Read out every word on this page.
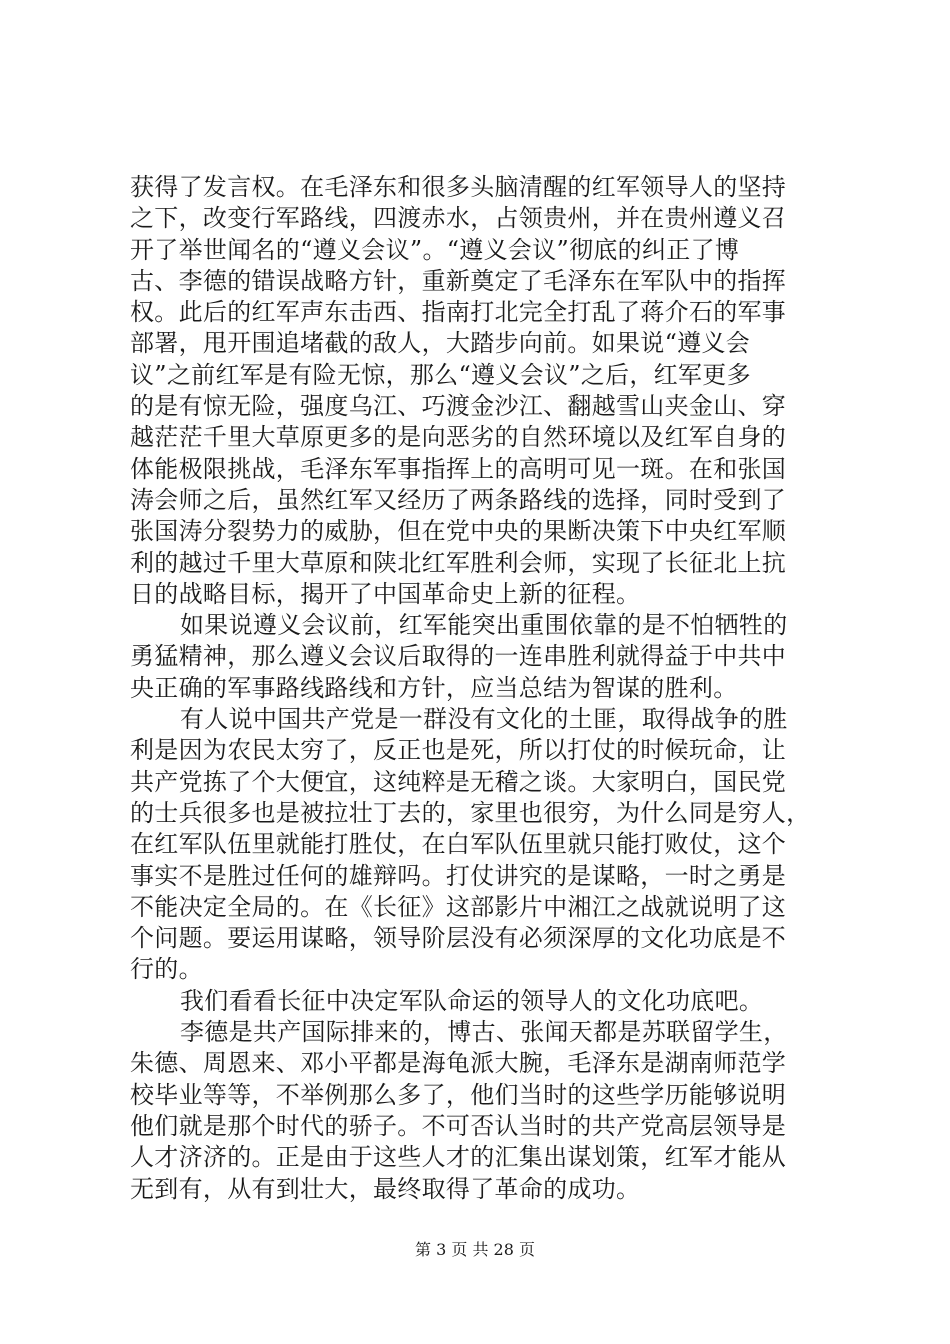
获得了发言权。在毛泽东和很多头脑清醒的红军领导人的坚持
之下，改变行军路线，四渡赤水，占领贵州，并在贵州遵义召
开了举世闻名的“遵义会议”。“遵义会议”彻底的纠正了博
古、李德的错误战略方针，重新奠定了毛泽东在军队中的指挥
权。此后的红军声东击西、指南打北完全打乱了蒋介石的军事
部署，甩开围追堵截的敌人，大踏步向前。如果说“遵义会
议”之前红军是有险无惊，那么“遵义会议”之后，红军更多
的是有惊无险，强度乌江、巧渡金沙江、翻越雪山夹金山、穿
越茫茫千里大草原更多的是向恶劣的自然环境以及红军自身的
体能极限挑战，毛泽东军事指挥上的高明可见一斑。在和张国
涛会师之后，虽然红军又经历了两条路线的选择，同时受到了
张国涛分裂势力的威胁，但在党中央的果断决策下中央红军顺
利的越过千里大草原和陕北红军胜利会师，实现了长征北上抗
日的战略目标，揭开了中国革命史上新的征程。
如果说遵义会议前，红军能突出重围依靠的是不怕牺牲的
勇猛精神，那么遵义会议后取得的一连串胜利就得益于中共中
央正确的军事路线路线和方针，应当总结为智谋的胜利。
有人说中国共产党是一群没有文化的土匪，取得战争的胜
利是因为农民太穷了，反正也是死，所以打仗的时候玩命，让
共产党拣了个大便宜，这纯粹是无稽之谈。大家明白，国民党
的士兵很多也是被拉壮丁去的，家里也很穷，为什么同是穷人，
在红军队伍里就能打胜仗，在白军队伍里就只能打败仗，这个
事实不是胜过任何的雄辩吗。打仗讲究的是谋略，一时之勇是
不能决定全局的。在《长征》这部影片中湘江之战就说明了这
个问题。要运用谋略，领导阶层没有必须深厚的文化功底是不
行的。
我们看看长征中决定军队命运的领导人的文化功底吧。
李德是共产国际排来的，博古、张闻天都是苏联留学生，
朱德、周恩来、邓小平都是海龟派大腕，毛泽东是湖南师范学
校毕业等等，不举例那么多了，他们当时的这些学历能够说明
他们就是那个时代的骄子。不可否认当时的共产党高层领导是
人才济济的。正是由于这些人才的汇集出谋划策，红军才能从
无到有，从有到壮大，最终取得了革命的成功。
第 3 页 共 28 页
